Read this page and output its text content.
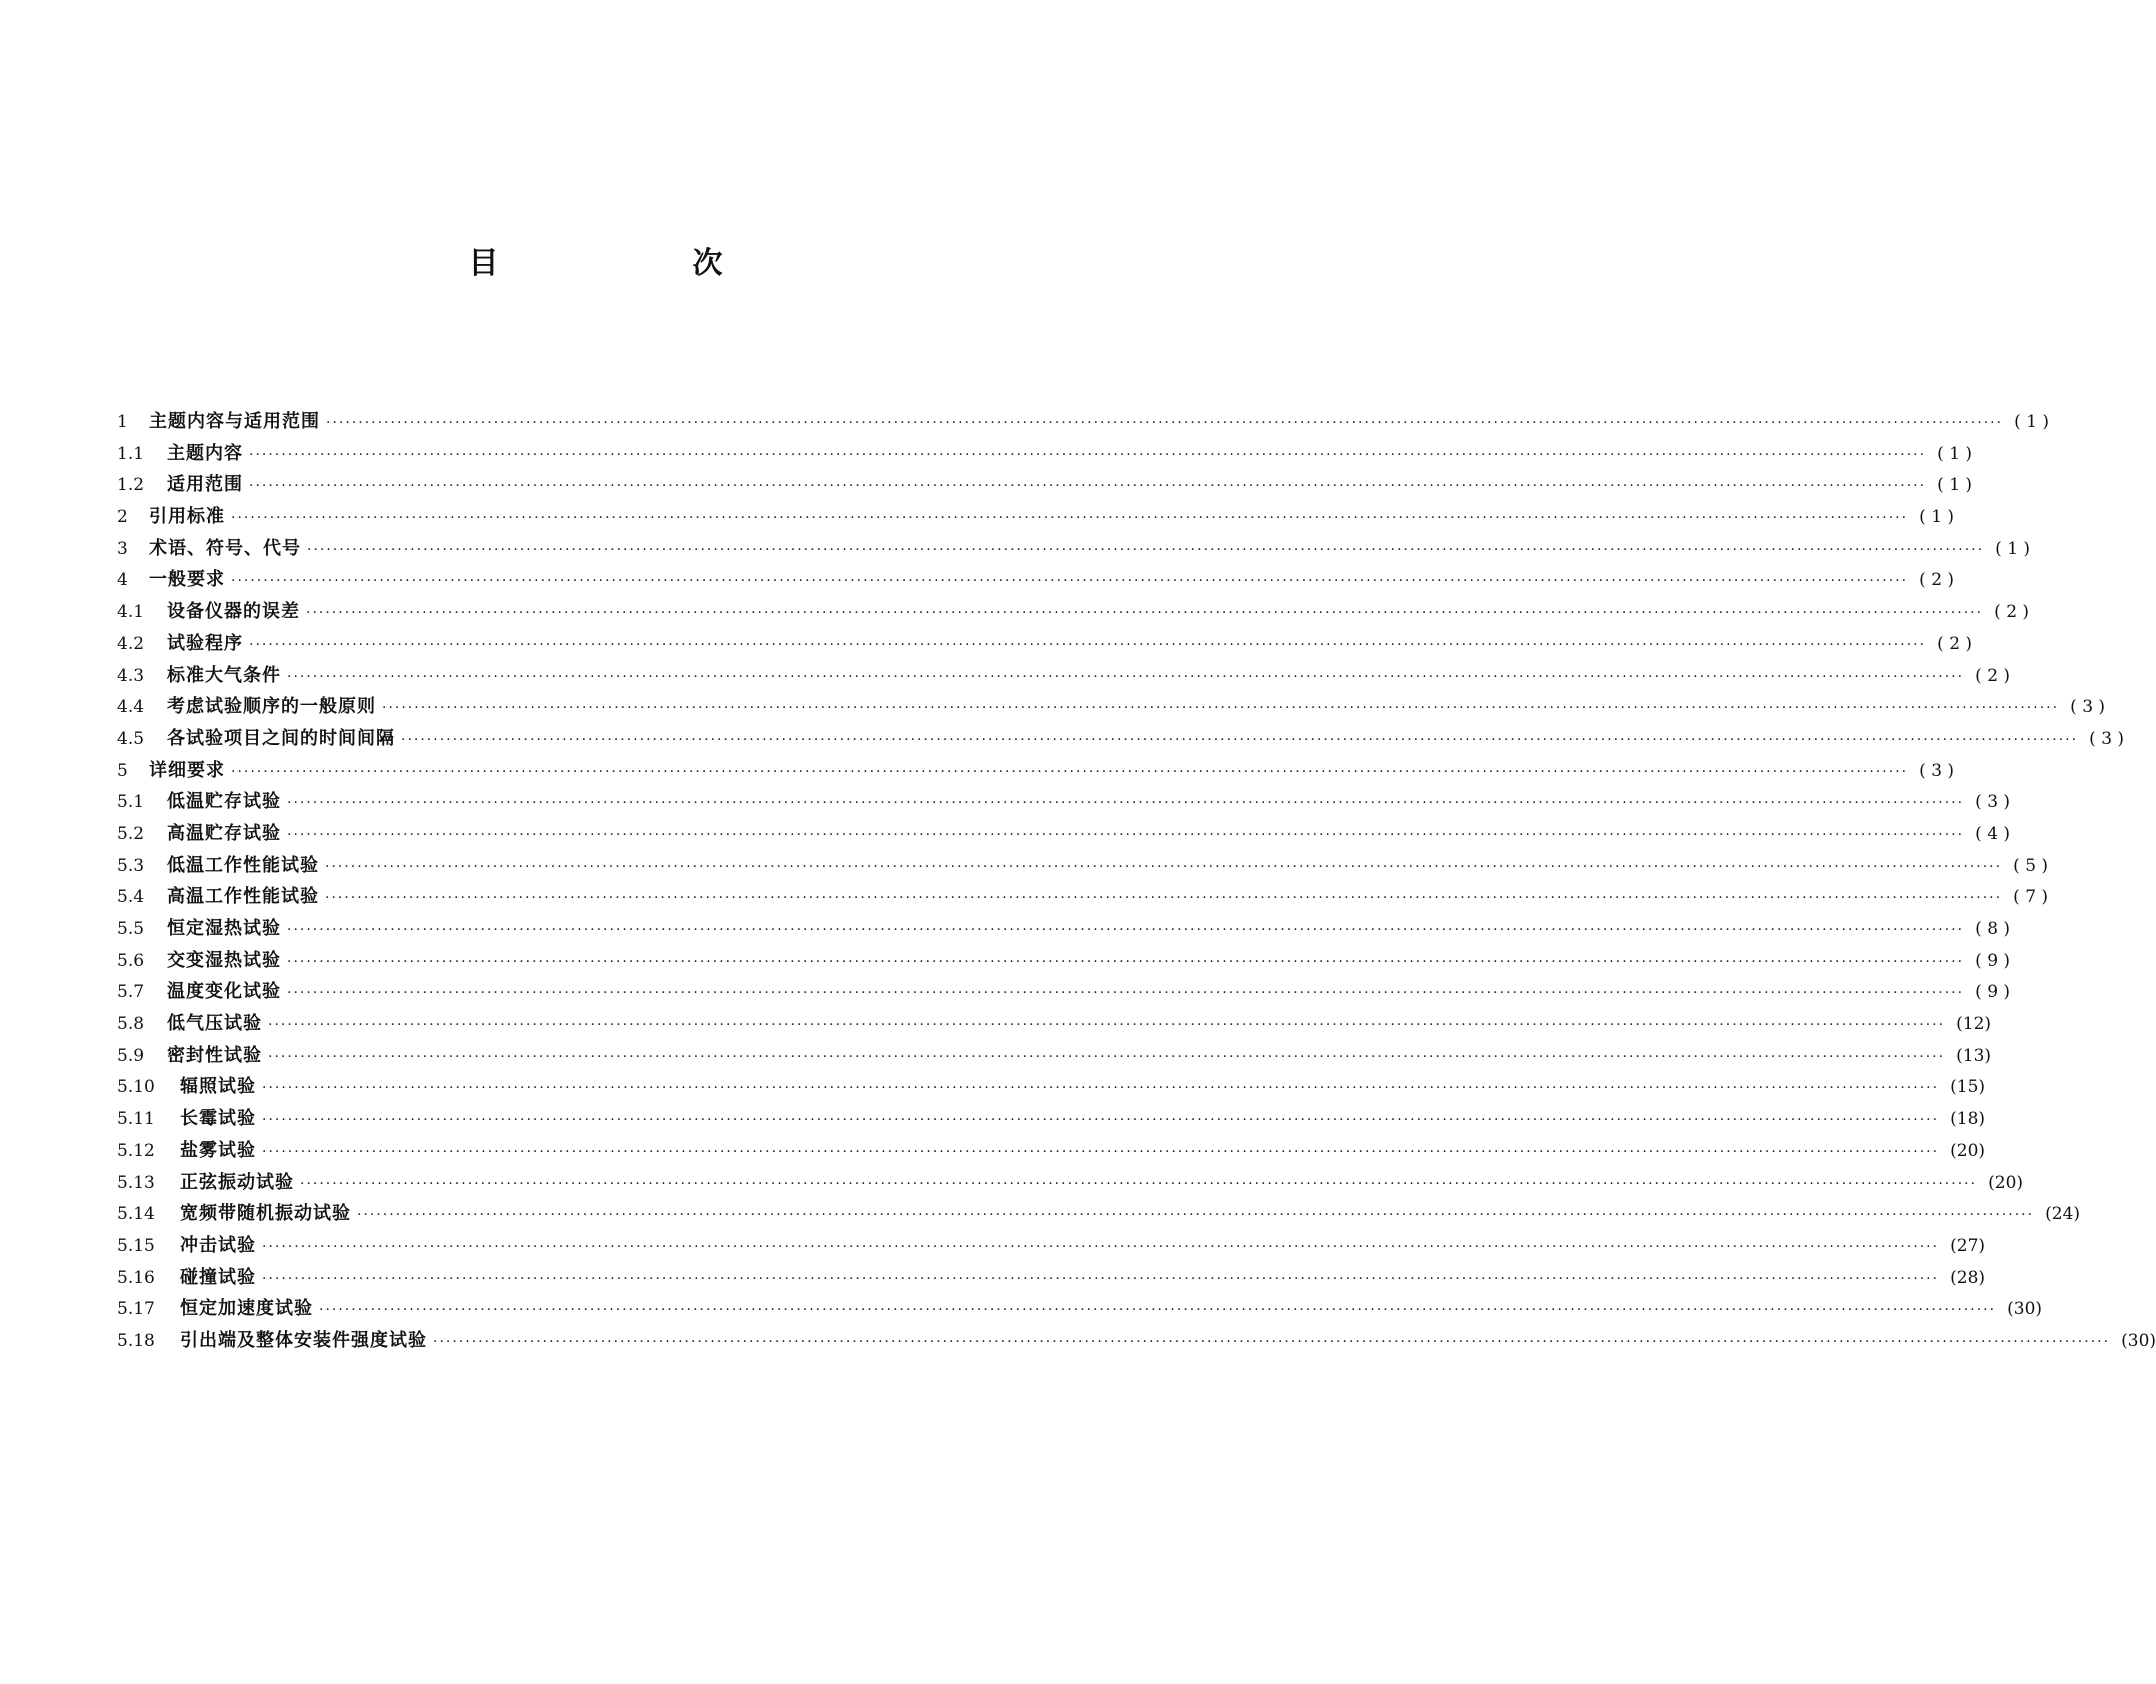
目　次
1	主题内容与适用范围 ···································································································································································································································································· ( 1 )
1.1	主题内容 ···································································································································································································································································· ( 1 )
1.2	适用范围 ···································································································································································································································································· ( 1 )
2	引用标准 ···································································································································································································································································· ( 1 )
3	术语、符号、代号 ···································································································································································································································································· ( 1 )
4	一般要求 ···································································································································································································································································· ( 2 )
4.1	设备仪器的误差 ···································································································································································································································································· ( 2 )
4.2	试验程序 ···································································································································································································································································· ( 2 )
4.3	标准大气条件 ···································································································································································································································································· ( 2 )
4.4	考虑试验顺序的一般原则 ···································································································································································································································································· ( 3 )
4.5	各试验项目之间的时间间隔 ···································································································································································································································································· ( 3 )
5	详细要求 ···································································································································································································································································· ( 3 )
5.1	低温贮存试验 ···································································································································································································································································· ( 3 )
5.2	高温贮存试验 ···································································································································································································································································· ( 4 )
5.3	低温工作性能试验 ···································································································································································································································································· ( 5 )
5.4	高温工作性能试验 ···································································································································································································································································· ( 7 )
5.5	恒定湿热试验 ···································································································································································································································································· ( 8 )
5.6	交变湿热试验 ···································································································································································································································································· ( 9 )
5.7	温度变化试验 ···································································································································································································································································· ( 9 )
5.8	低气压试验 ···································································································································································································································································· (12)
5.9	密封性试验 ···································································································································································································································································· (13)
5.10	辐照试验 ···································································································································································································································································· (15)
5.11	长霉试验 ···································································································································································································································································· (18)
5.12	盐雾试验 ···································································································································································································································································· (20)
5.13	正弦振动试验 ···································································································································································································································································· (20)
5.14	宽频带随机振动试验 ···································································································································································································································································· (24)
5.15	冲击试验 ···································································································································································································································································· (27)
5.16	碰撞试验 ···································································································································································································································································· (28)
5.17	恒定加速度试验 ···································································································································································································································································· (30)
5.18	引出端及整体安装件强度试验 ···································································································································································································································································· (30)
